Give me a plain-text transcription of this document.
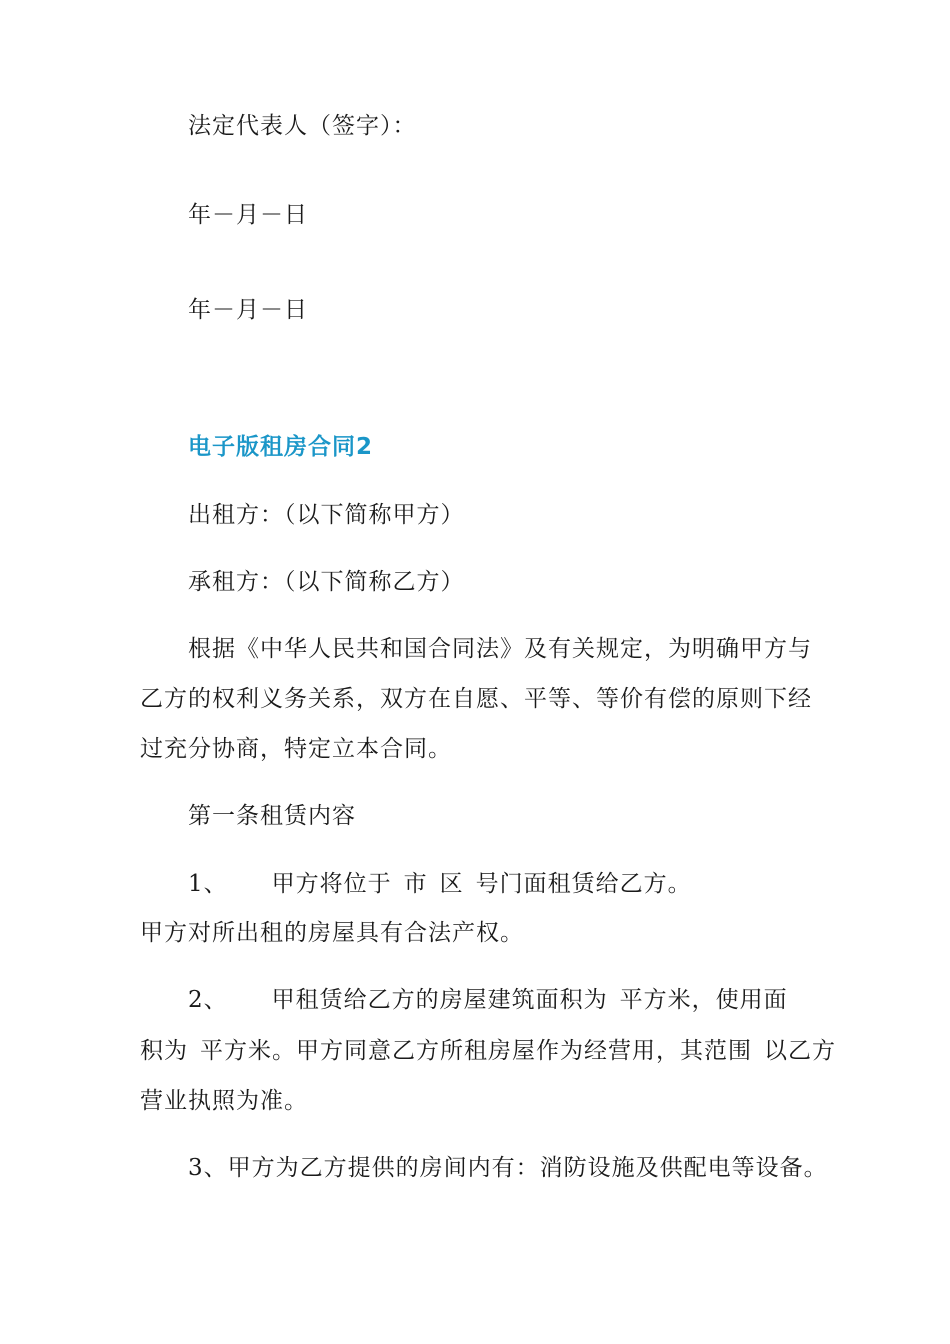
法定代表人（签字）：
年－月－日
年－月－日
电子版租房合同2
出租方：（以下简称甲方）
承租方：（以下简称乙方）
根据《中华人民共和国合同法》及有关规定，为明确甲方与
乙方的权利义务关系，双方在自愿、平等、等价有偿的原则下经
过充分协商，特定立本合同。
第一条租赁内容
1、 甲方将位于 市 区 号门面租赁给乙方。
甲方对所出租的房屋具有合法产权。
2、 甲租赁给乙方的房屋建筑面积为 平方米，使用面
积为 平方米。甲方同意乙方所租房屋作为经营用，其范围 以乙方
营业执照为准。
3、甲方为乙方提供的房间内有：消防设施及供配电等设备。
